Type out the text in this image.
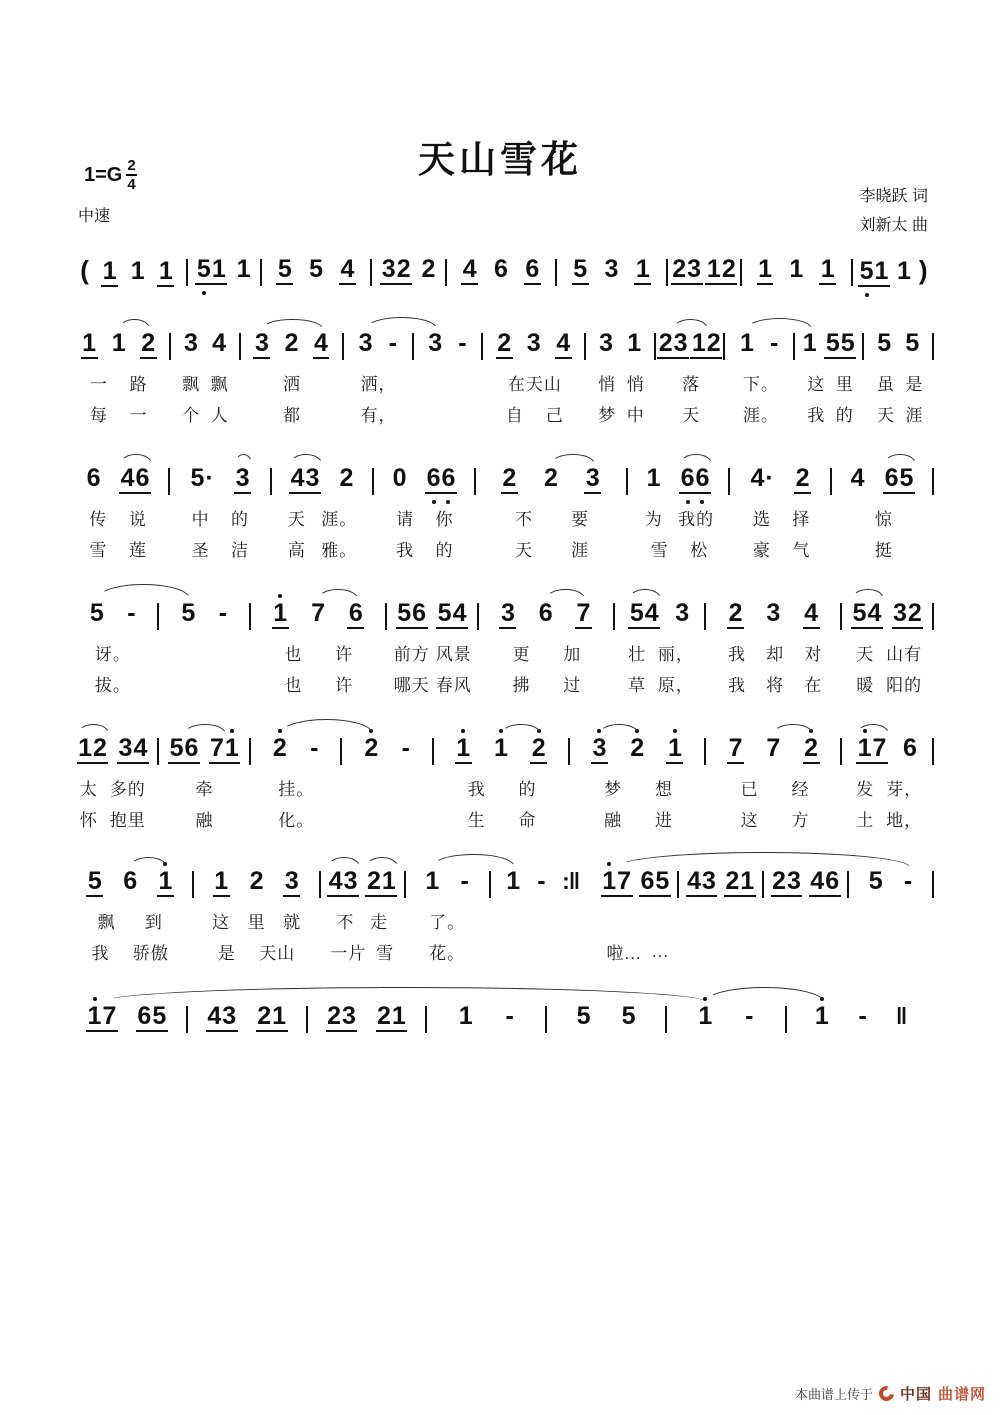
天山雪花
$1=G \frac{2}{4}$
中速
李晓跃 词
刘新太 曲
( 1 1 1 5 1 1 5 5 4 3 2 2 4 6 6 5 3 1 2 3 1 2 1 1 1 5 1 1 )
1 1 2 3 4 3 2 4 3 - 3 - 2 3 4 3 1 2 3 1 2 1 - 1 5 5 5 5
一 路 飘 飘	洒	洒，	在天山 悄 悄 落	下。 这 里 虽 是
每 一 个 人	都	有，	自 己 梦 中 天	涯。 我 的 天 涯
6 4 6 5 · 3 4 3 2 0 6 6 2 2 3 1 6 6 4 · 2 4 6 5
传 说	中 的 天 涯。 请 你	不 要	为 我的 选 择	惊
雪 莲	圣 洁 高 雅。 我 的	天 涯	雪 松	豪 气	挺
5 - 5 - 1 7 6 5 6 5 4 3 6 7 5 4 3 2 3 4 5 4 3 2
讶。	也 许 前方 风景 更 加	壮 丽， 我 却 对 天 山有
拔。	也 许 哪天 春风 拂 过	草 原， 我 将 在 暖 阳的
1 2 3 4 5 6 7 1 2 - 2 - 1 1 2 3 2 1 7 7 2 1 7 6
太 多的	牵	挂。	我 的	梦 想	已 经	发 芽，
怀 抱里	融	化。	生 命	融 进	这 方	土 地，
5 6 1 1 2 3 4 3 2 1 1 - 1 - :‖ 1 7 6 5 4 3 2 1 2 3 4 6 5 -
飘 到	这 里 就 不 走 了。
我 骄傲	是 天山 一片 雪 花。	啦... ...
1 7 6 5 4 3 2 1 2 3 2 1 1 -	5 5	1 - 1 - ‖
本曲谱上传于 中国 曲谱网
